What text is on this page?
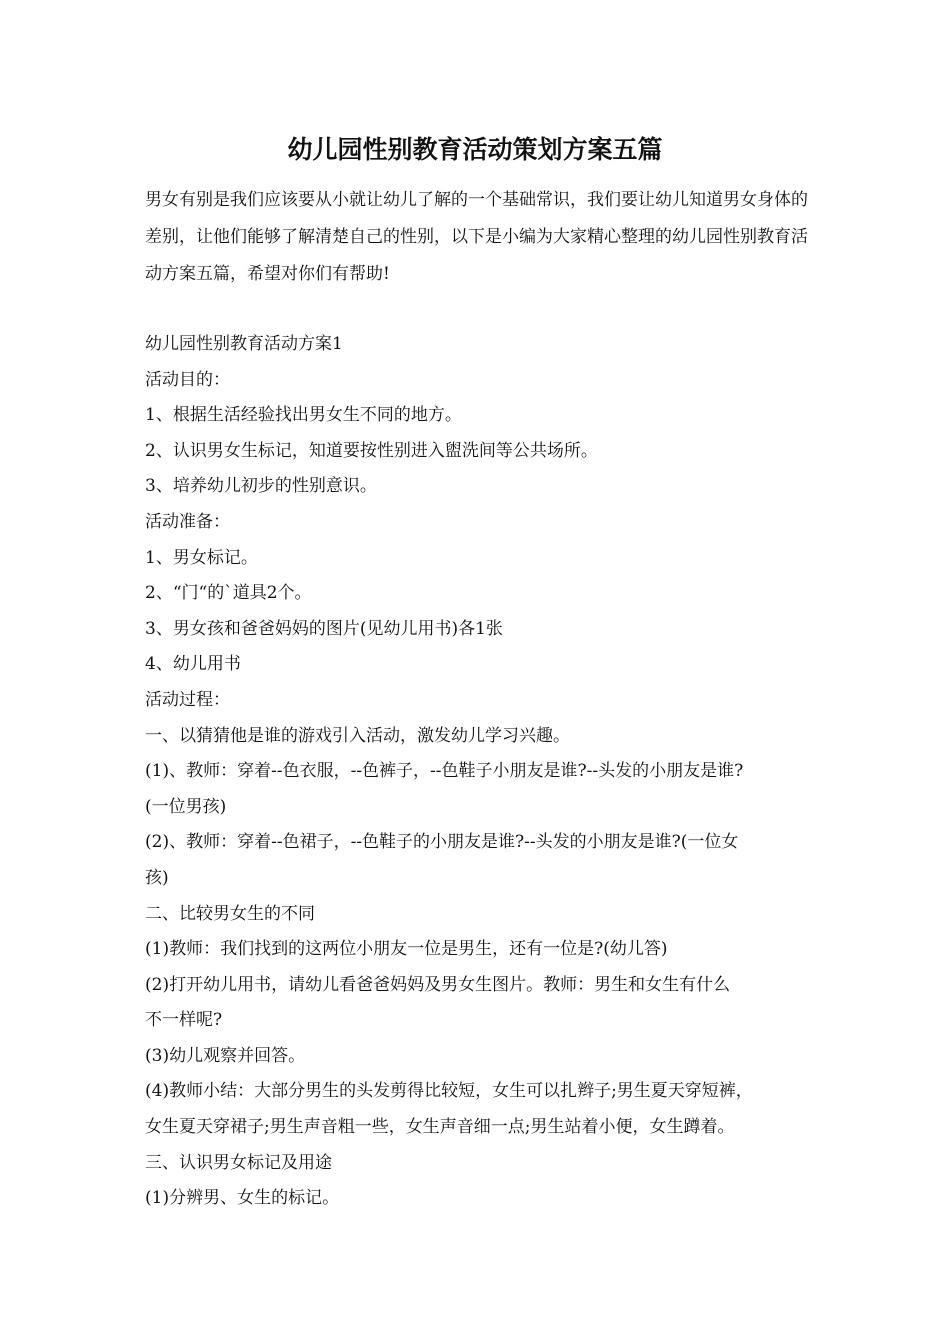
幼儿园性别教育活动策划方案五篇

男女有别是我们应该要从小就让幼儿了解的一个基础常识，我们要让幼儿知道男女身体的差别，让他们能够了解清楚自己的性别，以下是小编为大家精心整理的幼儿园性别教育活动方案五篇，希望对你们有帮助!

幼儿园性别教育活动方案1
活动目的：
1、根据生活经验找出男女生不同的地方。
2、认识男女生标记，知道要按性别进入盥洗间等公共场所。
3、培养幼儿初步的性别意识。
活动准备：
1、男女标记。
2、“门“的`道具2个。
3、男女孩和爸爸妈妈的图片(见幼儿用书)各1张
4、幼儿用书
活动过程：
一、以猜猜他是谁的游戏引入活动，激发幼儿学习兴趣。
(1)、教师：穿着--色衣服，--色裤子，--色鞋子小朋友是谁?--头发的小朋友是谁?
(一位男孩)
(2)、教师：穿着--色裙子，--色鞋子的小朋友是谁?--头发的小朋友是谁?(一位女
孩)
二、比较男女生的不同
(1)教师：我们找到的这两位小朋友一位是男生，还有一位是?(幼儿答)
(2)打开幼儿用书，请幼儿看爸爸妈妈及男女生图片。教师：男生和女生有什么
不一样呢?
(3)幼儿观察并回答。
(4)教师小结：大部分男生的头发剪得比较短，女生可以扎辫子;男生夏天穿短裤，
女生夏天穿裙子;男生声音粗一些，女生声音细一点;男生站着小便，女生蹲着。
三、认识男女标记及用途
(1)分辨男、女生的标记。
